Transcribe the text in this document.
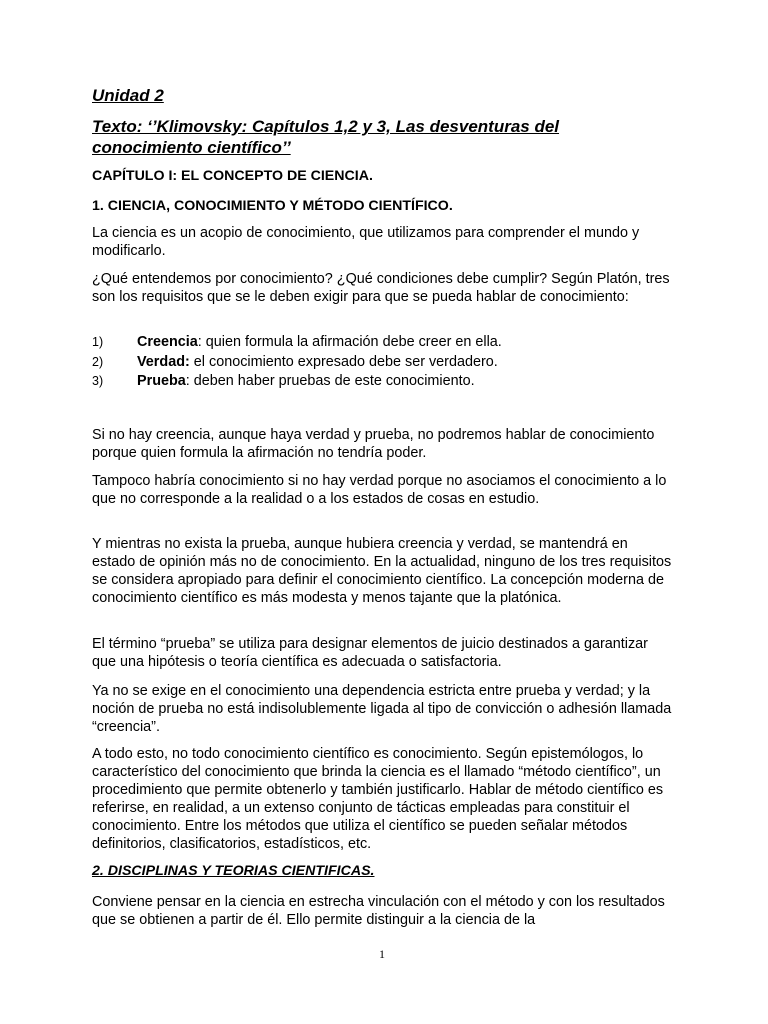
Unidad 2
Texto: ‘’Klimovsky: Capítulos 1,2 y 3, Las desventuras del conocimiento científico’’
CAPÍTULO I: EL CONCEPTO DE CIENCIA.
1. CIENCIA, CONOCIMIENTO Y MÉTODO CIENTÍFICO.
La ciencia es un acopio de conocimiento, que utilizamos para comprender el mundo y modificarlo.
¿Qué entendemos por conocimiento? ¿Qué condiciones debe cumplir? Según Platón, tres son los requisitos que se le deben exigir para que se pueda hablar de conocimiento:
1) Creencia: quien formula la afirmación debe creer en ella.
2) Verdad: el conocimiento expresado debe ser verdadero.
3) Prueba: deben haber pruebas de este conocimiento.
Si no hay creencia, aunque haya verdad y prueba, no podremos hablar de conocimiento porque quien formula la afirmación no tendría poder.
Tampoco habría conocimiento si no hay verdad porque no asociamos el conocimiento a lo que no corresponde a la realidad o a los estados de cosas en estudio.
Y mientras no exista la prueba, aunque hubiera creencia y verdad, se mantendrá en estado de opinión más no de conocimiento. En la actualidad, ninguno de los tres requisitos se considera apropiado para definir el conocimiento científico. La concepción moderna de conocimiento científico es más modesta y menos tajante que la platónica.
El término “prueba” se utiliza para designar elementos de juicio destinados a garantizar que una hipótesis o teoría científica es adecuada o satisfactoria.
Ya no se exige en el conocimiento una dependencia estricta entre prueba y verdad; y la noción de prueba no está indisolublemente ligada al tipo de convicción o adhesión llamada “creencia”.
A todo esto, no todo conocimiento científico es conocimiento. Según epistemólogos, lo característico del conocimiento que brinda la ciencia es el llamado “método científico”, un procedimiento que permite obtenerlo y también justificarlo. Hablar de método científico es referirse, en realidad, a un extenso conjunto de tácticas empleadas para constituir el conocimiento. Entre los métodos que utiliza el científico se pueden señalar métodos definitorios, clasificatorios, estadísticos, etc.
2. DISCIPLINAS Y TEORIAS CIENTIFICAS.
Conviene pensar en la ciencia en estrecha vinculación con el método y con los resultados que se obtienen a partir de él. Ello permite distinguir a la ciencia de la
1
